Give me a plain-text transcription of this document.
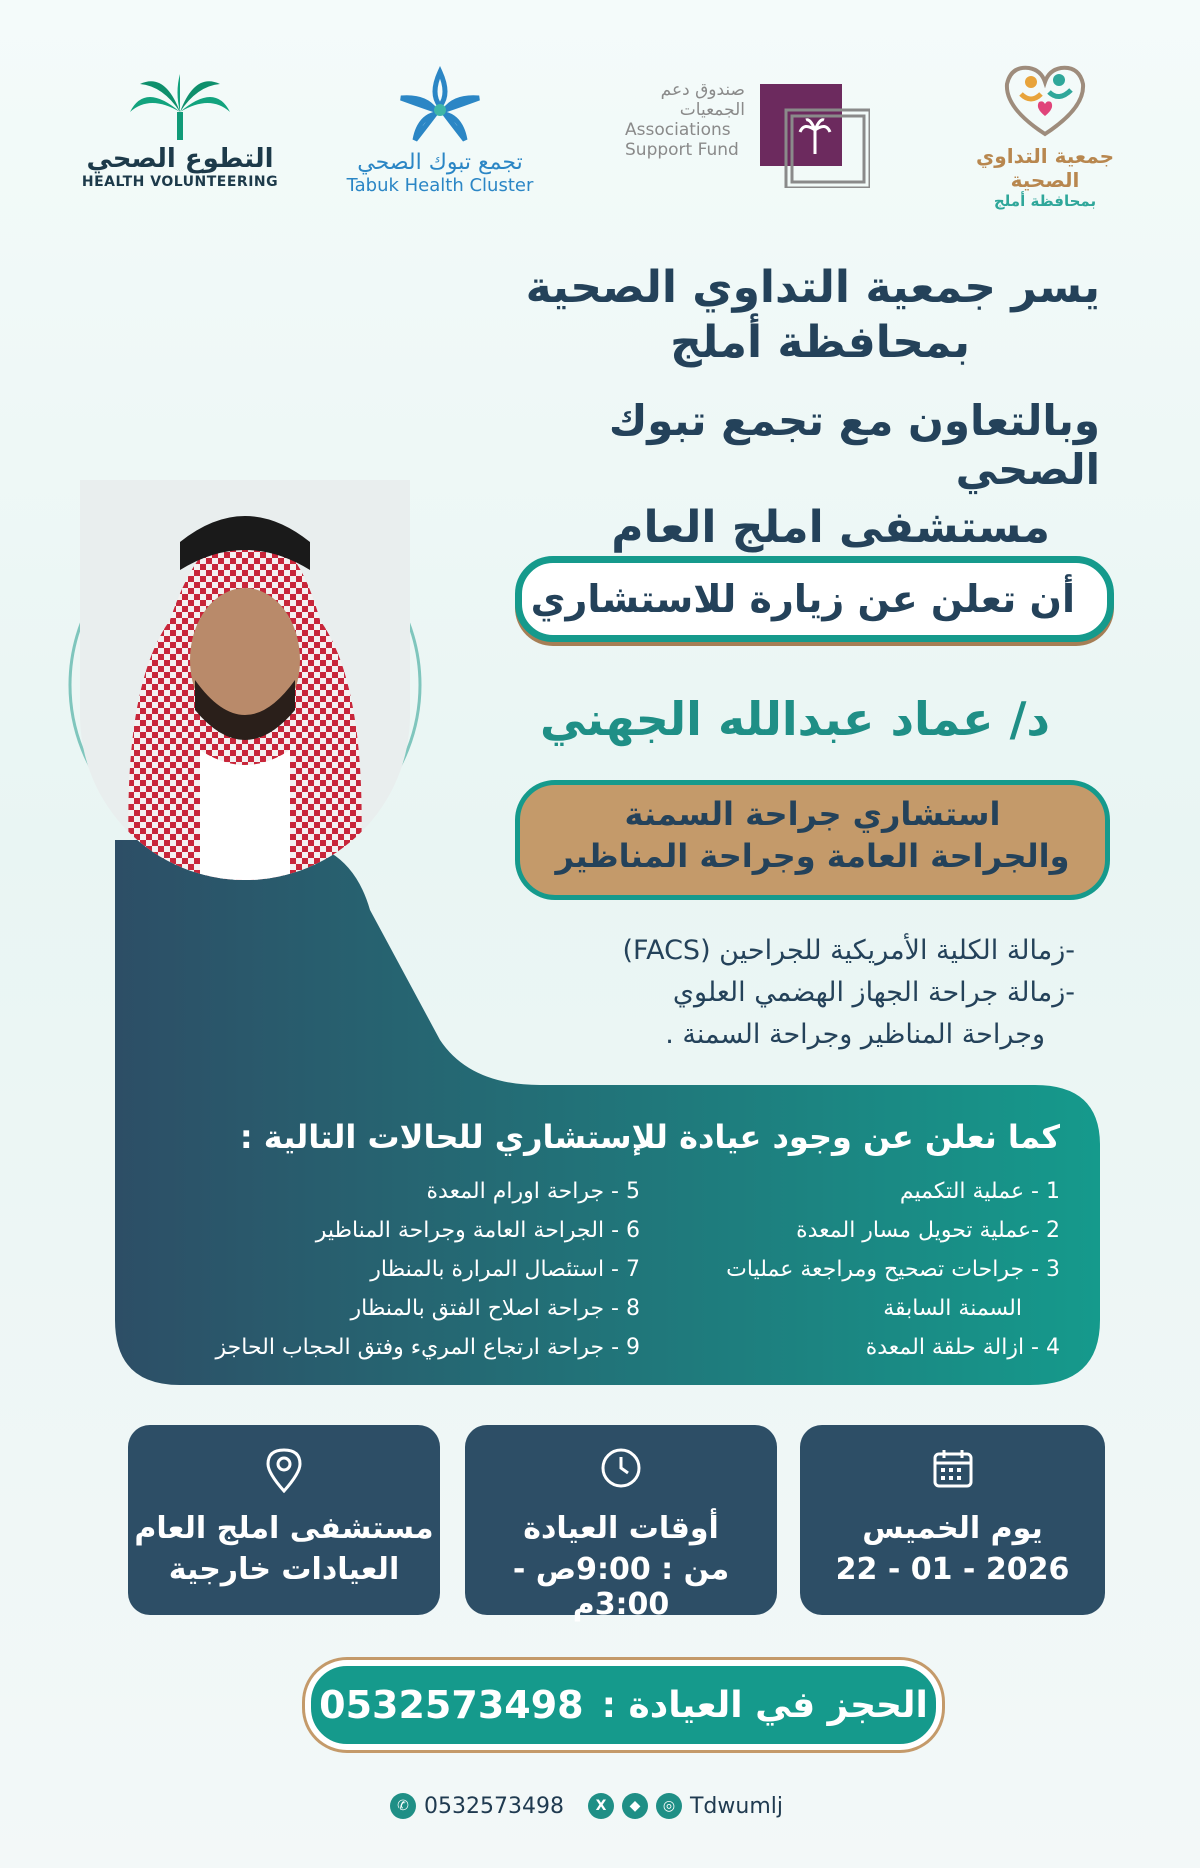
التطوع الصحي
HEALTH VOLUNTEERING
تجمع تبوك الصحي
Tabuk Health Cluster
صندوق دعم
الجمعيات
Associations
Support Fund	جمعية التداوي الصحية
بمحافظة أملج
يسر جمعية التداوي الصحية
بمحافظة أملج
وبالتعاون مع تجمع تبوك الصحي
مستشفى املج العام
أن تعلن عن زيارة للاستشاري
د/ عماد عبدالله الجهني
استشاري جراحة السمنة
والجراحة العامة وجراحة المناظير
-زمالة الكلية الأمريكية للجراحين (FACS)
-زمالة جراحة الجهاز الهضمي العلوي
وجراحة المناظير وجراحة السمنة .
كما نعلن عن وجود عيادة للإستشاري للحالات التالية :
1 - عملية التكميم
2 -عملية تحويل مسار المعدة
3 - جراحات تصحيح ومراجعة عمليات
السمنة السابقة
4 - ازالة حلقة المعدة
5 - جراحة اورام المعدة
6 - الجراحة العامة وجراحة المناظير
7 - استئصال المرارة بالمنظار
8 - جراحة اصلاح الفتق بالمنظار
9 - جراحة ارتجاع المريء وفتق الحجاب الحاجز
يوم الخميس
22 - 01 - 2026
أوقات العيادة
من : 9:00ص - 3:00م
مستشفى املج العام
العيادات خارجية
الحجز في العيادة :
0532573498
✆ 0532573498	X	◆	◎ Tdwumlj
